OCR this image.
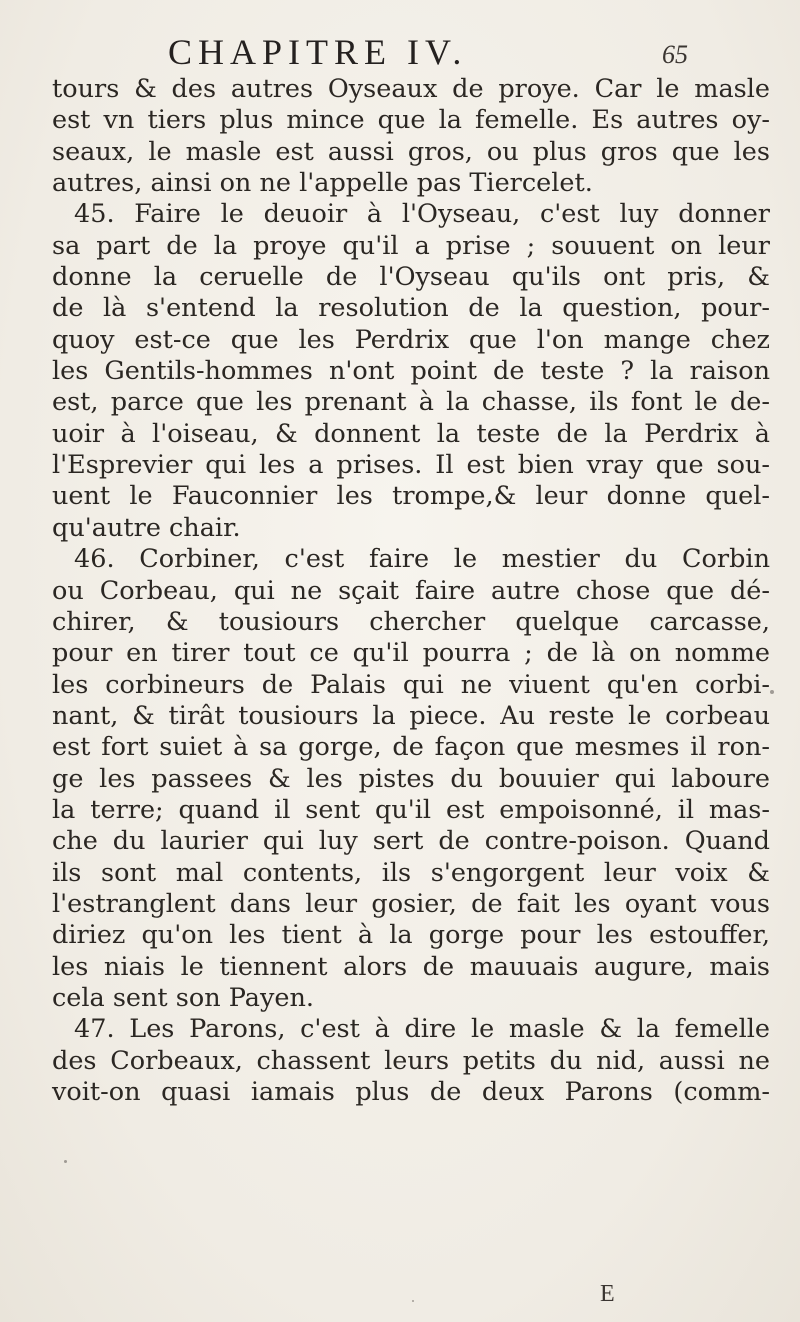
CHAPITRE IV.	65
tours & des autres Oyseaux de proye. Car le masle
est vn tiers plus mince que la femelle. Es autres oy-
seaux, le masle est aussi gros, ou plus gros que les
autres, ainsi on ne l'appelle pas Tiercelet.
45. Faire le deuoir à l'Oyseau, c'est luy donner
sa part de la proye qu'il a prise ; souuent on leur
donne la ceruelle de l'Oyseau qu'ils ont pris, &
de là s'entend la resolution de la question, pour-
quoy est-ce que les Perdrix que l'on mange chez
les Gentils-hommes n'ont point de teste ? la raison
est, parce que les prenant à la chasse, ils font le de-
uoir à l'oiseau, & donnent la teste de la Perdrix à
l'Esprevier qui les a prises. Il est bien vray que sou-
uent le Fauconnier les trompe,& leur donne quel-
qu'autre chair.
46. Corbiner, c'est faire le mestier du Corbin
ou Corbeau, qui ne sçait faire autre chose que dé-
chirer, & tousiours chercher quelque carcasse,
pour en tirer tout ce qu'il pourra ; de là on nomme
les corbineurs de Palais qui ne viuent qu'en corbi-
nant, & tirât tousiours la piece. Au reste le corbeau
est fort suiet à sa gorge, de façon que mesmes il ron-
ge les passees & les pistes du bouuier qui laboure
la terre; quand il sent qu'il est empoisonné, il mas-
che du laurier qui luy sert de contre-poison. Quand
ils sont mal contents, ils s'engorgent leur voix &
l'estranglent dans leur gosier, de fait les oyant vous
diriez qu'on les tient à la gorge pour les estouffer,
les niais le tiennent alors de mauuais augure, mais
cela sent son Payen.
47. Les Parons, c'est à dire le masle & la femelle
des Corbeaux, chassent leurs petits du nid, aussi ne
voit-on quasi iamais plus de deux Parons (comm-
E
